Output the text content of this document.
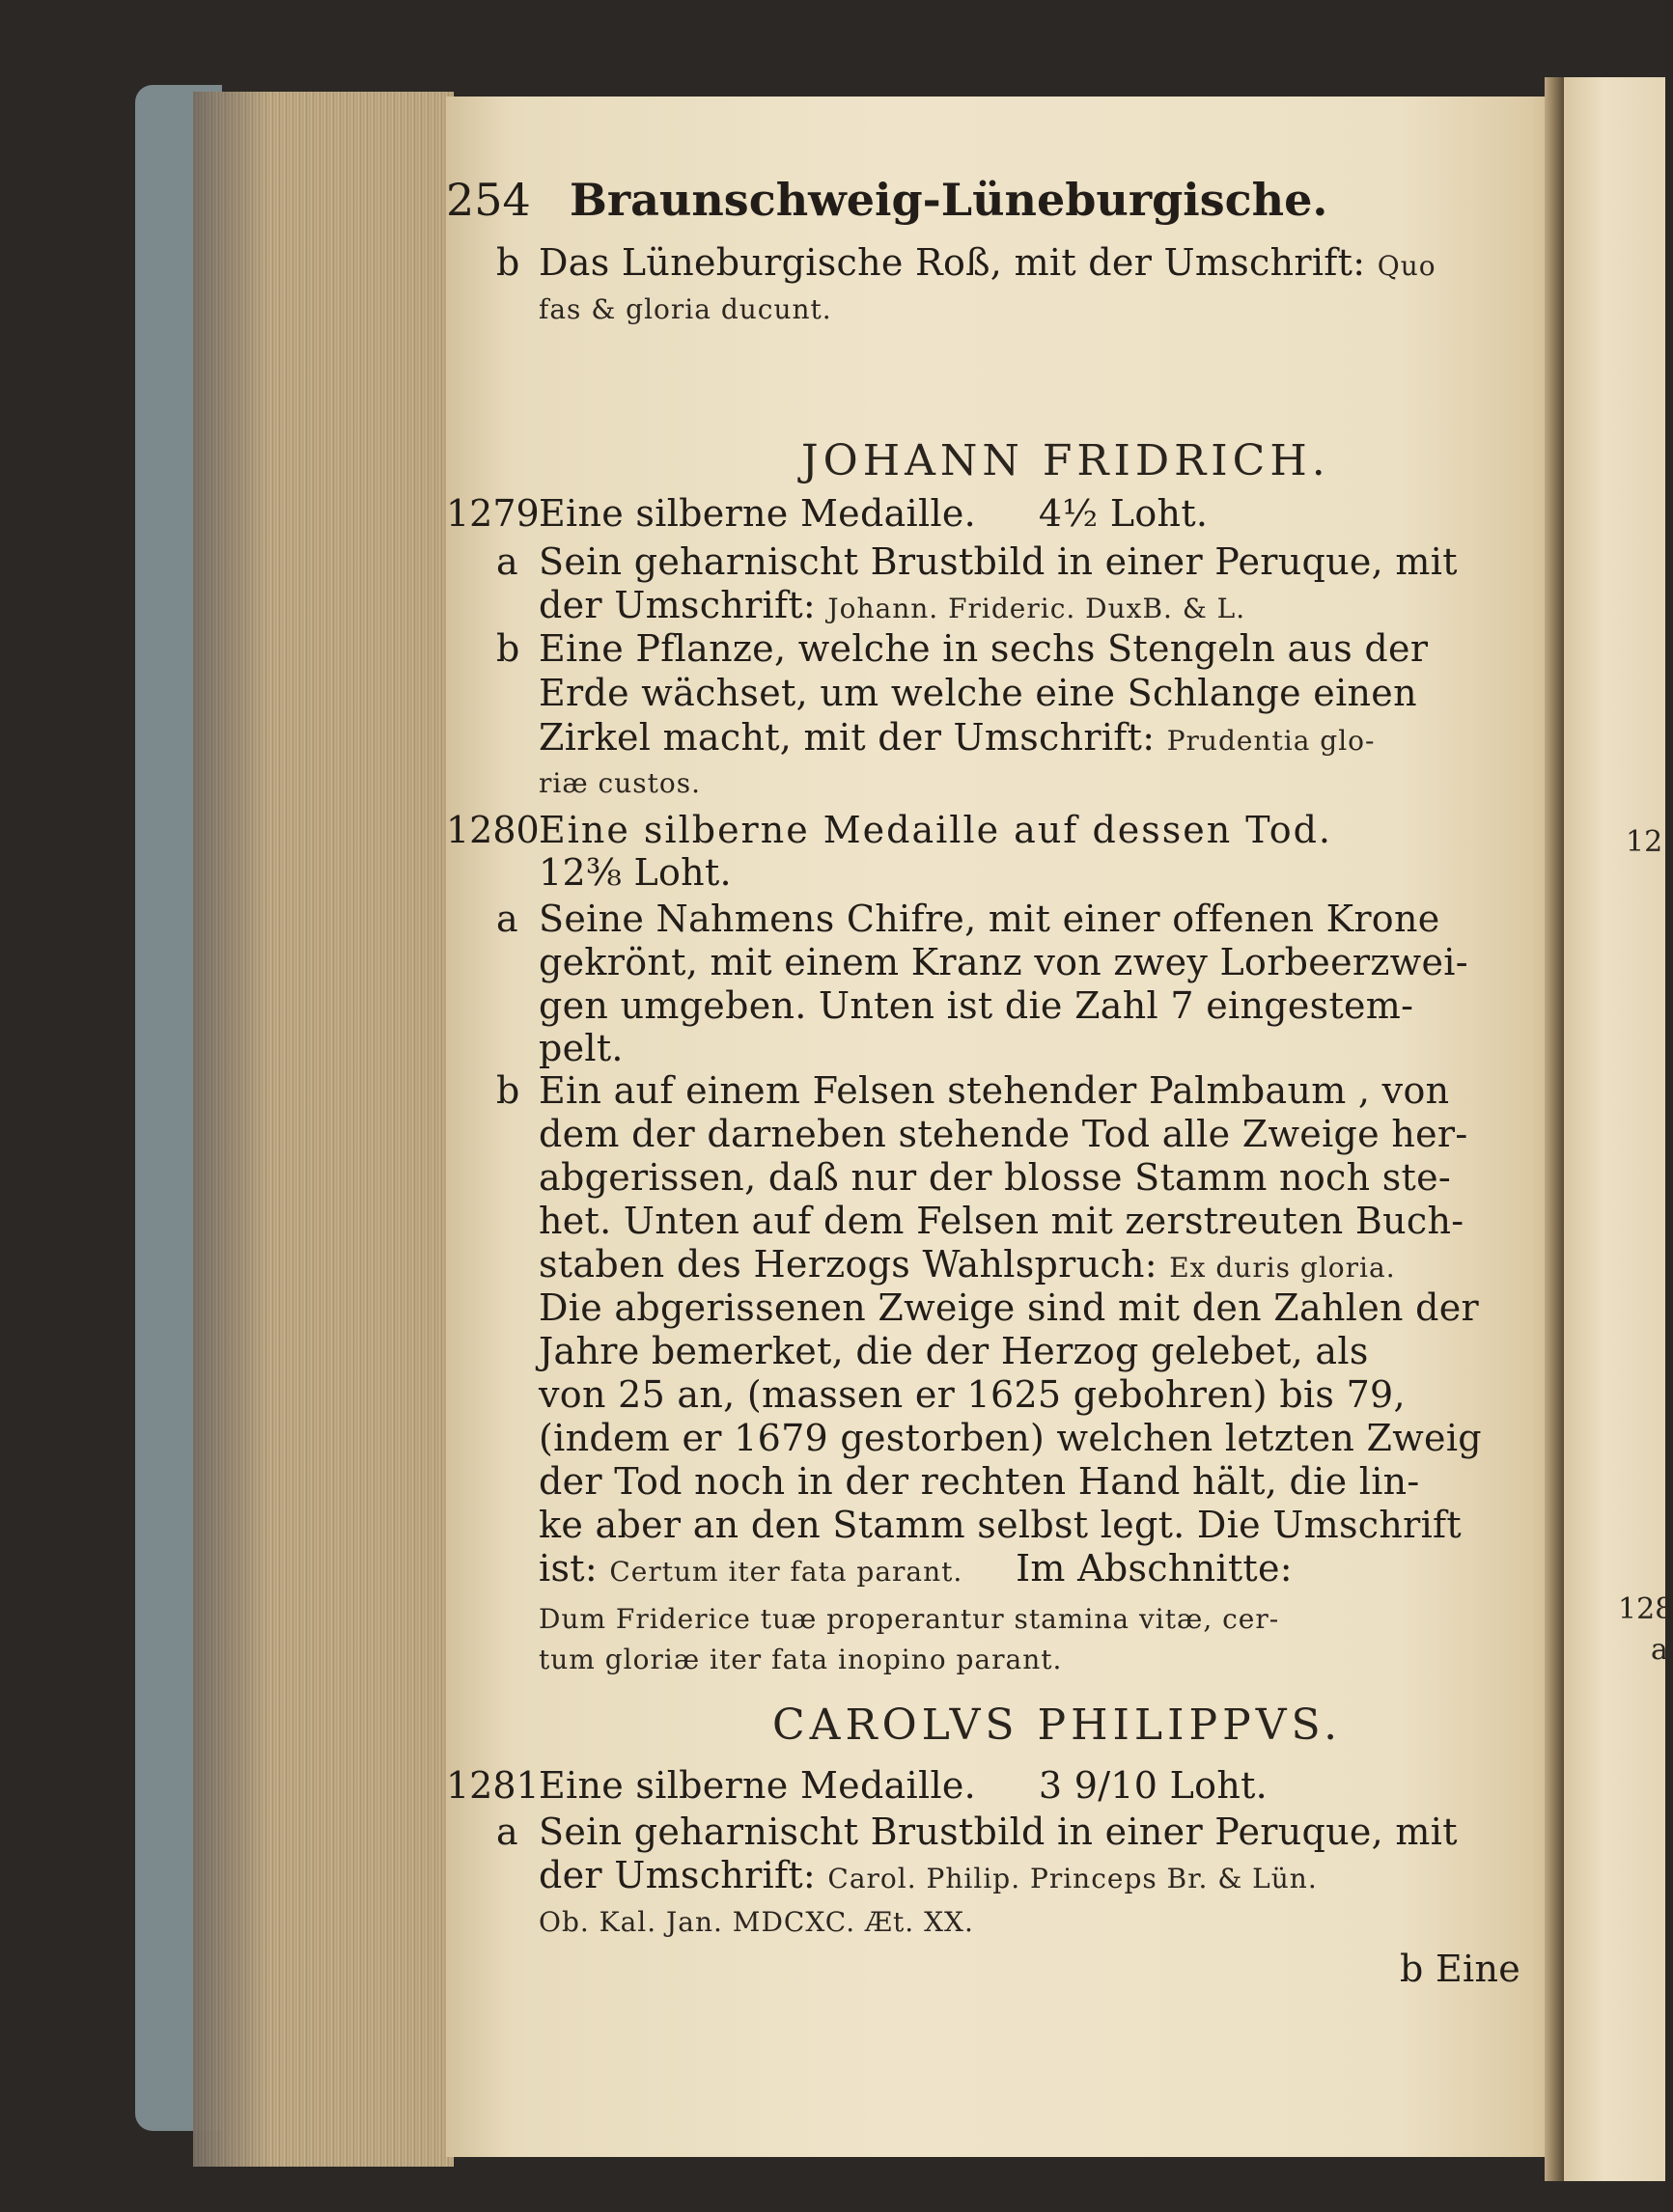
254 Braunschweig-Lüneburgische.
b Das Lüneburgische Roß, mit der Umschrift: Quo
fas & gloria ducunt.
JOHANN FRIDRICH.
1279 Eine silberne Medaille. 4½ Loht.
a Sein geharnischt Brustbild in einer Peruque, mit
der Umschrift: Johann. Frideric. DuxB. & L.
b Eine Pflanze, welche in sechs Stengeln aus der
Erde wächset, um welche eine Schlange einen
Zirkel macht, mit der Umschrift: Prudentia glo-
riæ custos.
1280 Eine silberne Medaille auf dessen Tod.
12⅜ Loht.
a Seine Nahmens Chifre, mit einer offenen Krone
gekrönt, mit einem Kranz von zwey Lorbeerzwei-
gen umgeben. Unten ist die Zahl 7 eingestem-
pelt.
b Ein auf einem Felsen stehender Palmbaum , von
dem der darneben stehende Tod alle Zweige her-
abgerissen, daß nur der blosse Stamm noch ste-
het. Unten auf dem Felsen mit zerstreuten Buch-
staben des Herzogs Wahlspruch: Ex duris gloria.
Die abgerissenen Zweige sind mit den Zahlen der
Jahre bemerket, die der Herzog gelebet, als
von 25 an, (massen er 1625 gebohren) bis 79,
(indem er 1679 gestorben) welchen letzten Zweig
der Tod noch in der rechten Hand hält, die lin-
ke aber an den Stamm selbst legt. Die Umschrift
ist: Certum iter fata parant. Im Abschnitte:
Dum Friderice tuæ properantur stamina vitæ, cer-
tum gloriæ iter fata inopino parant.
CAROLVS PHILIPPVS.
1281 Eine silberne Medaille. 3 9/10 Loht.
a Sein geharnischt Brustbild in einer Peruque, mit
der Umschrift: Carol. Philip. Princeps Br. & Lün.
Ob. Kal. Jan. MDCXC. Æt. XX.
b Eine
12
128
a
